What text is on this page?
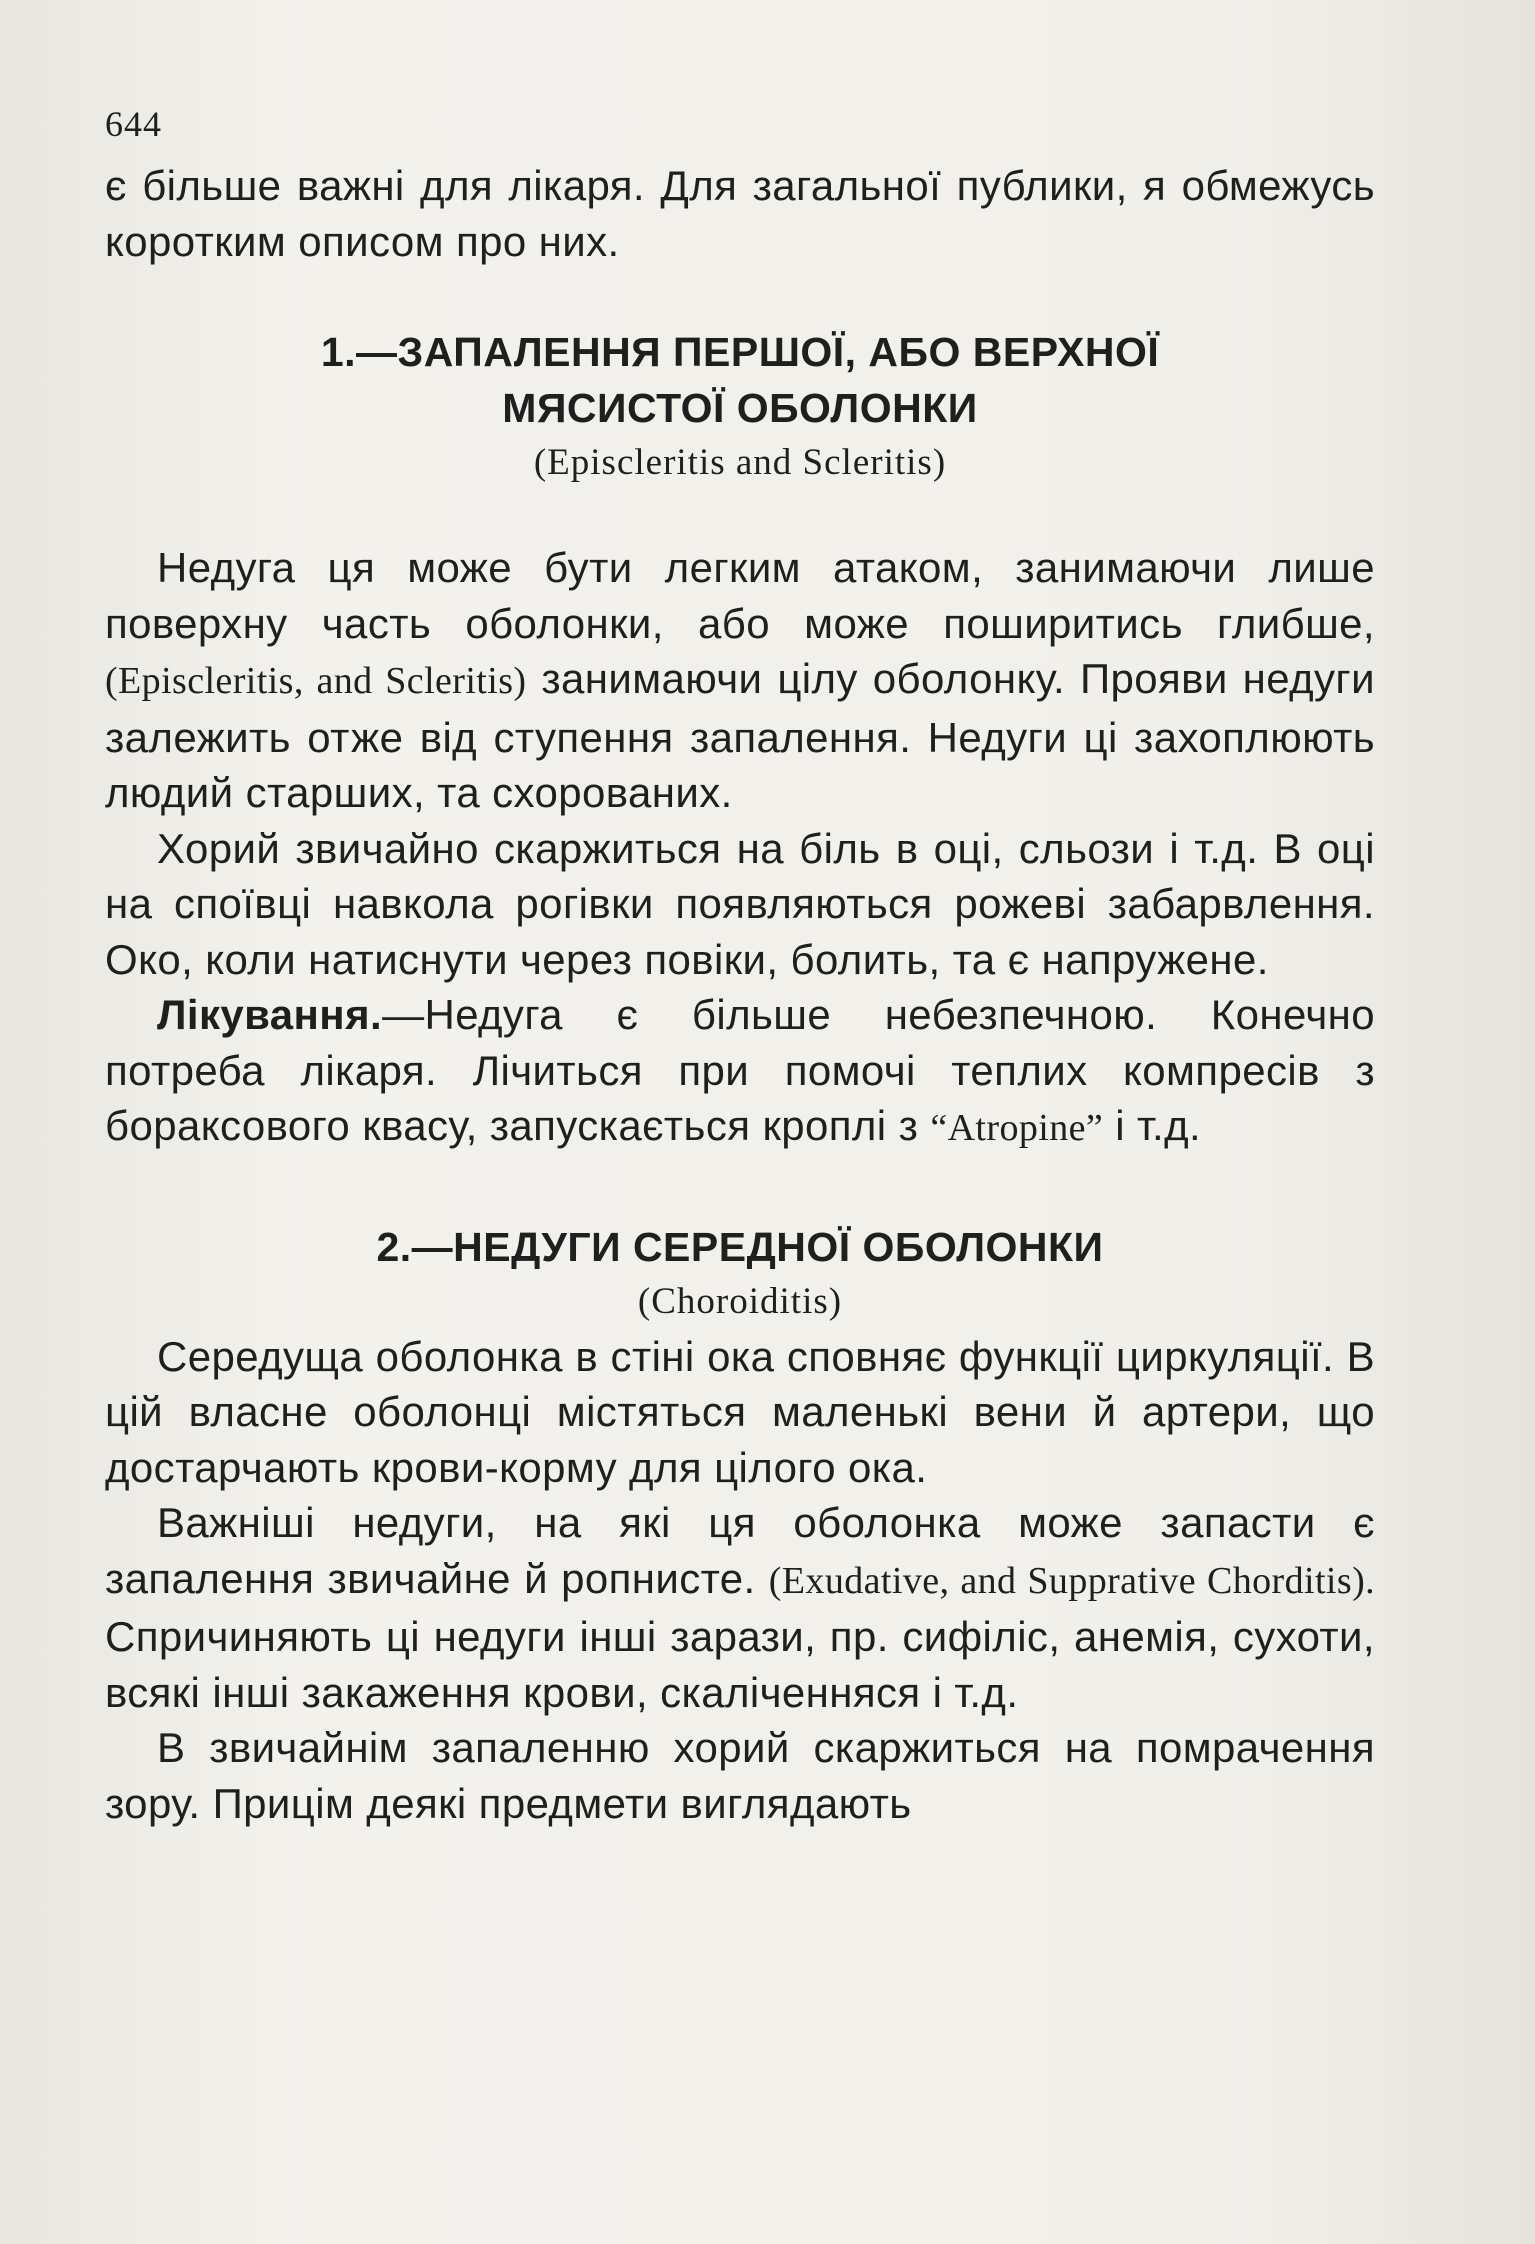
644

є більше важні для лікаря. Для загальної публики, я обмежусь коротким описом про них.

1.—ЗАПАЛЕННЯ ПЕРШОЇ, АБО ВЕРХНОЇ
МЯСИСТОЇ ОБОЛОНКИ
(Episcleritis and Scleritis)

Недуга ця може бути легким атаком, занимаючи лише поверхну часть оболонки, або може поширитись глибше, (Episcleritis, and Scleritis) занимаючи цілу оболонку. Прояви недуги залежить отже від ступення запалення. Недуги ці захоплюють людий старших, та схорованих.

Хорий звичайно скаржиться на біль в оці, сльози і т.д. В оці на споївці навкола рогівки появляються рожеві забарвлення. Око, коли натиснути через повіки, болить, та є напружене.

Лікування.—Недуга є більше небезпечною. Конечно потреба лікаря. Лічиться при помочі теплих компресів з бораксового квасу, запускається кроплі з “Atropine” і т.д.

2.—НЕДУГИ СЕРЕДНОЇ ОБОЛОНКИ
(Choroiditis)

Середуща оболонка в стіні ока сповняє функції циркуляції. В цій власне оболонці містяться маленькі вени й артери, що достарчають крови-корму для цілого ока.

Важніші недуги, на які ця оболонка може запасти є запалення звичайне й ропнисте. (Exudative, and Supprative Chorditis). Спричиняють ці недуги інші зарази, пр. сифіліс, анемія, сухоти, всякі інші закаження крови, скаліченняся і т.д.

В звичайнім запаленню хорий скаржиться на помрачення зору. Прицім деякі предмети виглядають
